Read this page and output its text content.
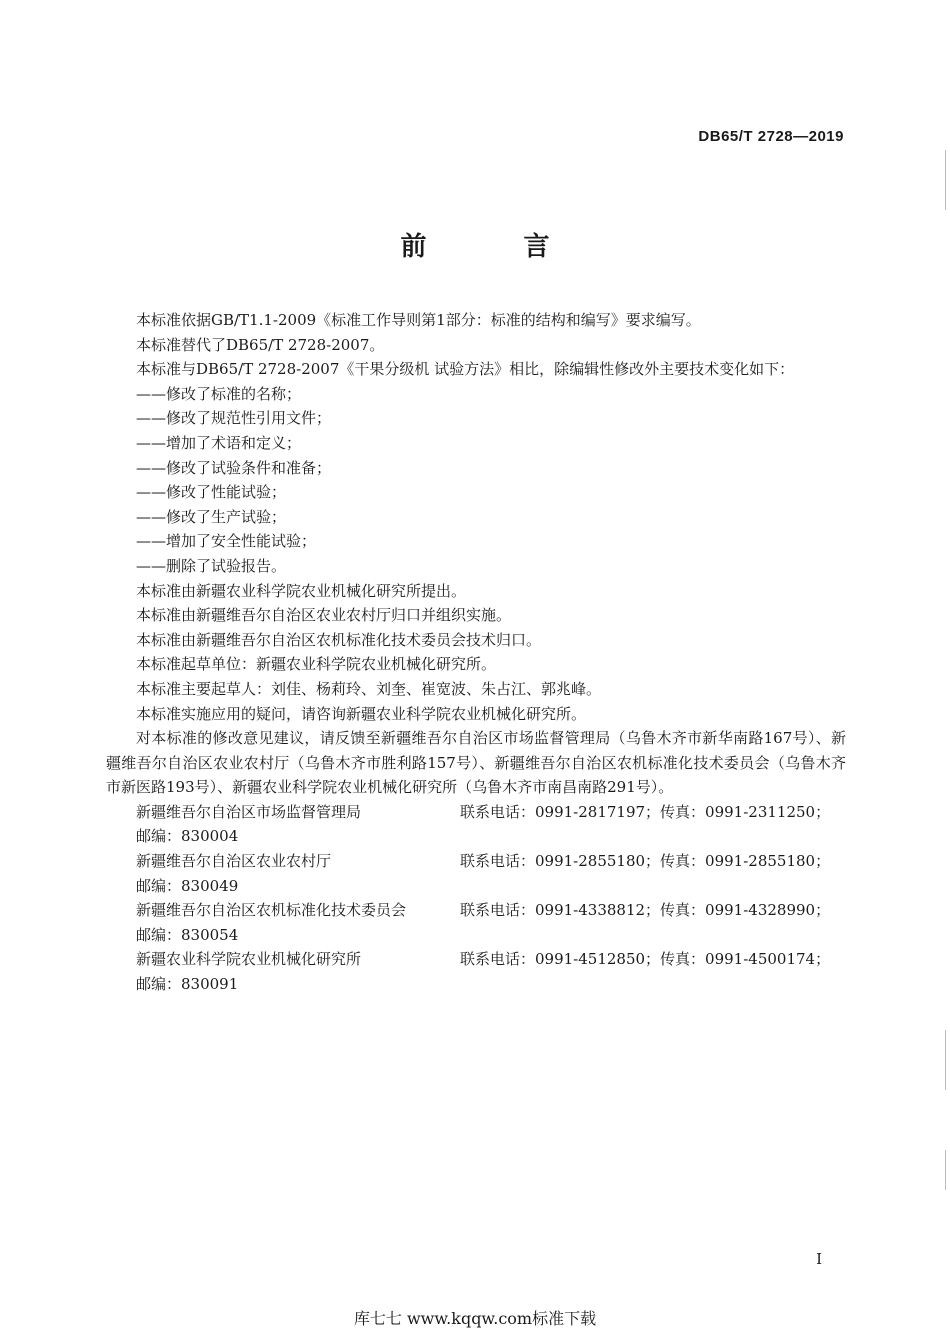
DB65/T 2728—2019
前 言

本标准依据GB/T1.1-2009《标准工作导则第1部分：标准的结构和编写》要求编写。

本标准替代了DB65/T 2728-2007。

本标准与DB65/T 2728-2007《干果分级机 试验方法》相比，除编辑性修改外主要技术变化如下：

——修改了标准的名称；

——修改了规范性引用文件；

——增加了术语和定义；

——修改了试验条件和准备；

——修改了性能试验；

——修改了生产试验；

——增加了安全性能试验；

——删除了试验报告。

本标准由新疆农业科学院农业机械化研究所提出。

本标准由新疆维吾尔自治区农业农村厅归口并组织实施。

本标准由新疆维吾尔自治区农机标准化技术委员会技术归口。

本标准起草单位：新疆农业科学院农业机械化研究所。

本标准主要起草人：刘佳、杨莉玲、刘奎、崔宽波、朱占江、郭兆峰。

本标准实施应用的疑问，请咨询新疆农业科学院农业机械化研究所。

对本标准的修改意见建议，请反馈至新疆维吾尔自治区市场监督管理局（乌鲁木齐市新华南路167号）、新疆维吾尔自治区农业农村厅（乌鲁木齐市胜利路157号）、新疆维吾尔自治区农机标准化技术委员会（乌鲁木齐市新医路193号）、新疆农业科学院农业机械化研究所（乌鲁木齐市南昌南路291号）。

新疆维吾尔自治区市场监督管理局	联系电话：0991-2817197；传真：0991-2311250；

邮编：830004

新疆维吾尔自治区农业农村厅	联系电话：0991-2855180；传真：0991-2855180；

邮编：830049

新疆维吾尔自治区农机标准化技术委员会	联系电话：0991-4338812；传真：0991-4328990；

邮编：830054

新疆农业科学院农业机械化研究所	联系电话：0991-4512850；传真：0991-4500174；

邮编：830091

I
库七七 www.kqqw.com标准下载
